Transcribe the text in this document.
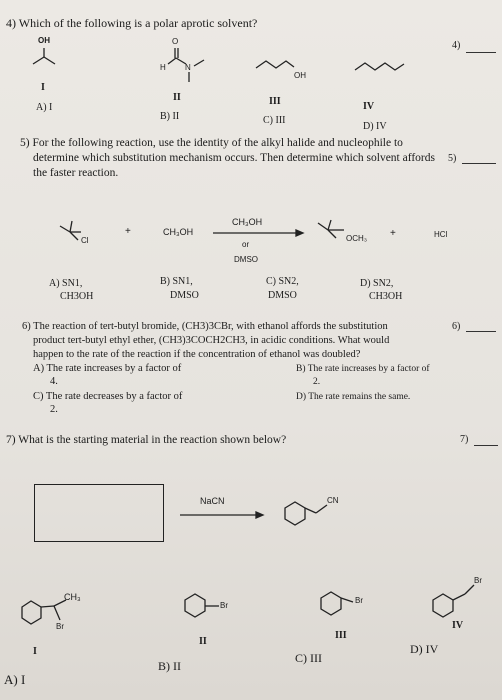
4) Which of the following is a polar aprotic solvent?
4)
OH	O
H N
OH
I
II	III	IV
A) I
B) II	C) III
D) IV
5) For the following reaction, use the identity of the alkyl halide and nucleophile to
determine which substitution mechanism occurs. Then determine which solvent affords
the faster reaction.
5)
Cl
+	CH₃OH
CH₃OH
or
DMSO
OCH₃ +	HCl
A) SN1,
CH3OH
B) SN1,
DMSO
C) SN2,
DMSO
D) SN2,
CH3OH
6) The reaction of tert-butyl bromide, (CH3)3CBr, with ethanol affords the substitution
product tert-butyl ethyl ether, (CH3)3COCH2CH3, in acidic conditions. What would
happen to the rate of the reaction if the concentration of ethanol was doubled?
6)
A) The rate increases by a factor of
4.
B) The rate increases by a factor of
2.
C) The rate decreases by a factor of
2.
D) The rate remains the same.
7) What is the starting material in the reaction shown below?	7)
NaCN	CN
CH₃
Br
Br
Br
Br
I
II
III
IV
A) I
B) II
C) III
D) IV
